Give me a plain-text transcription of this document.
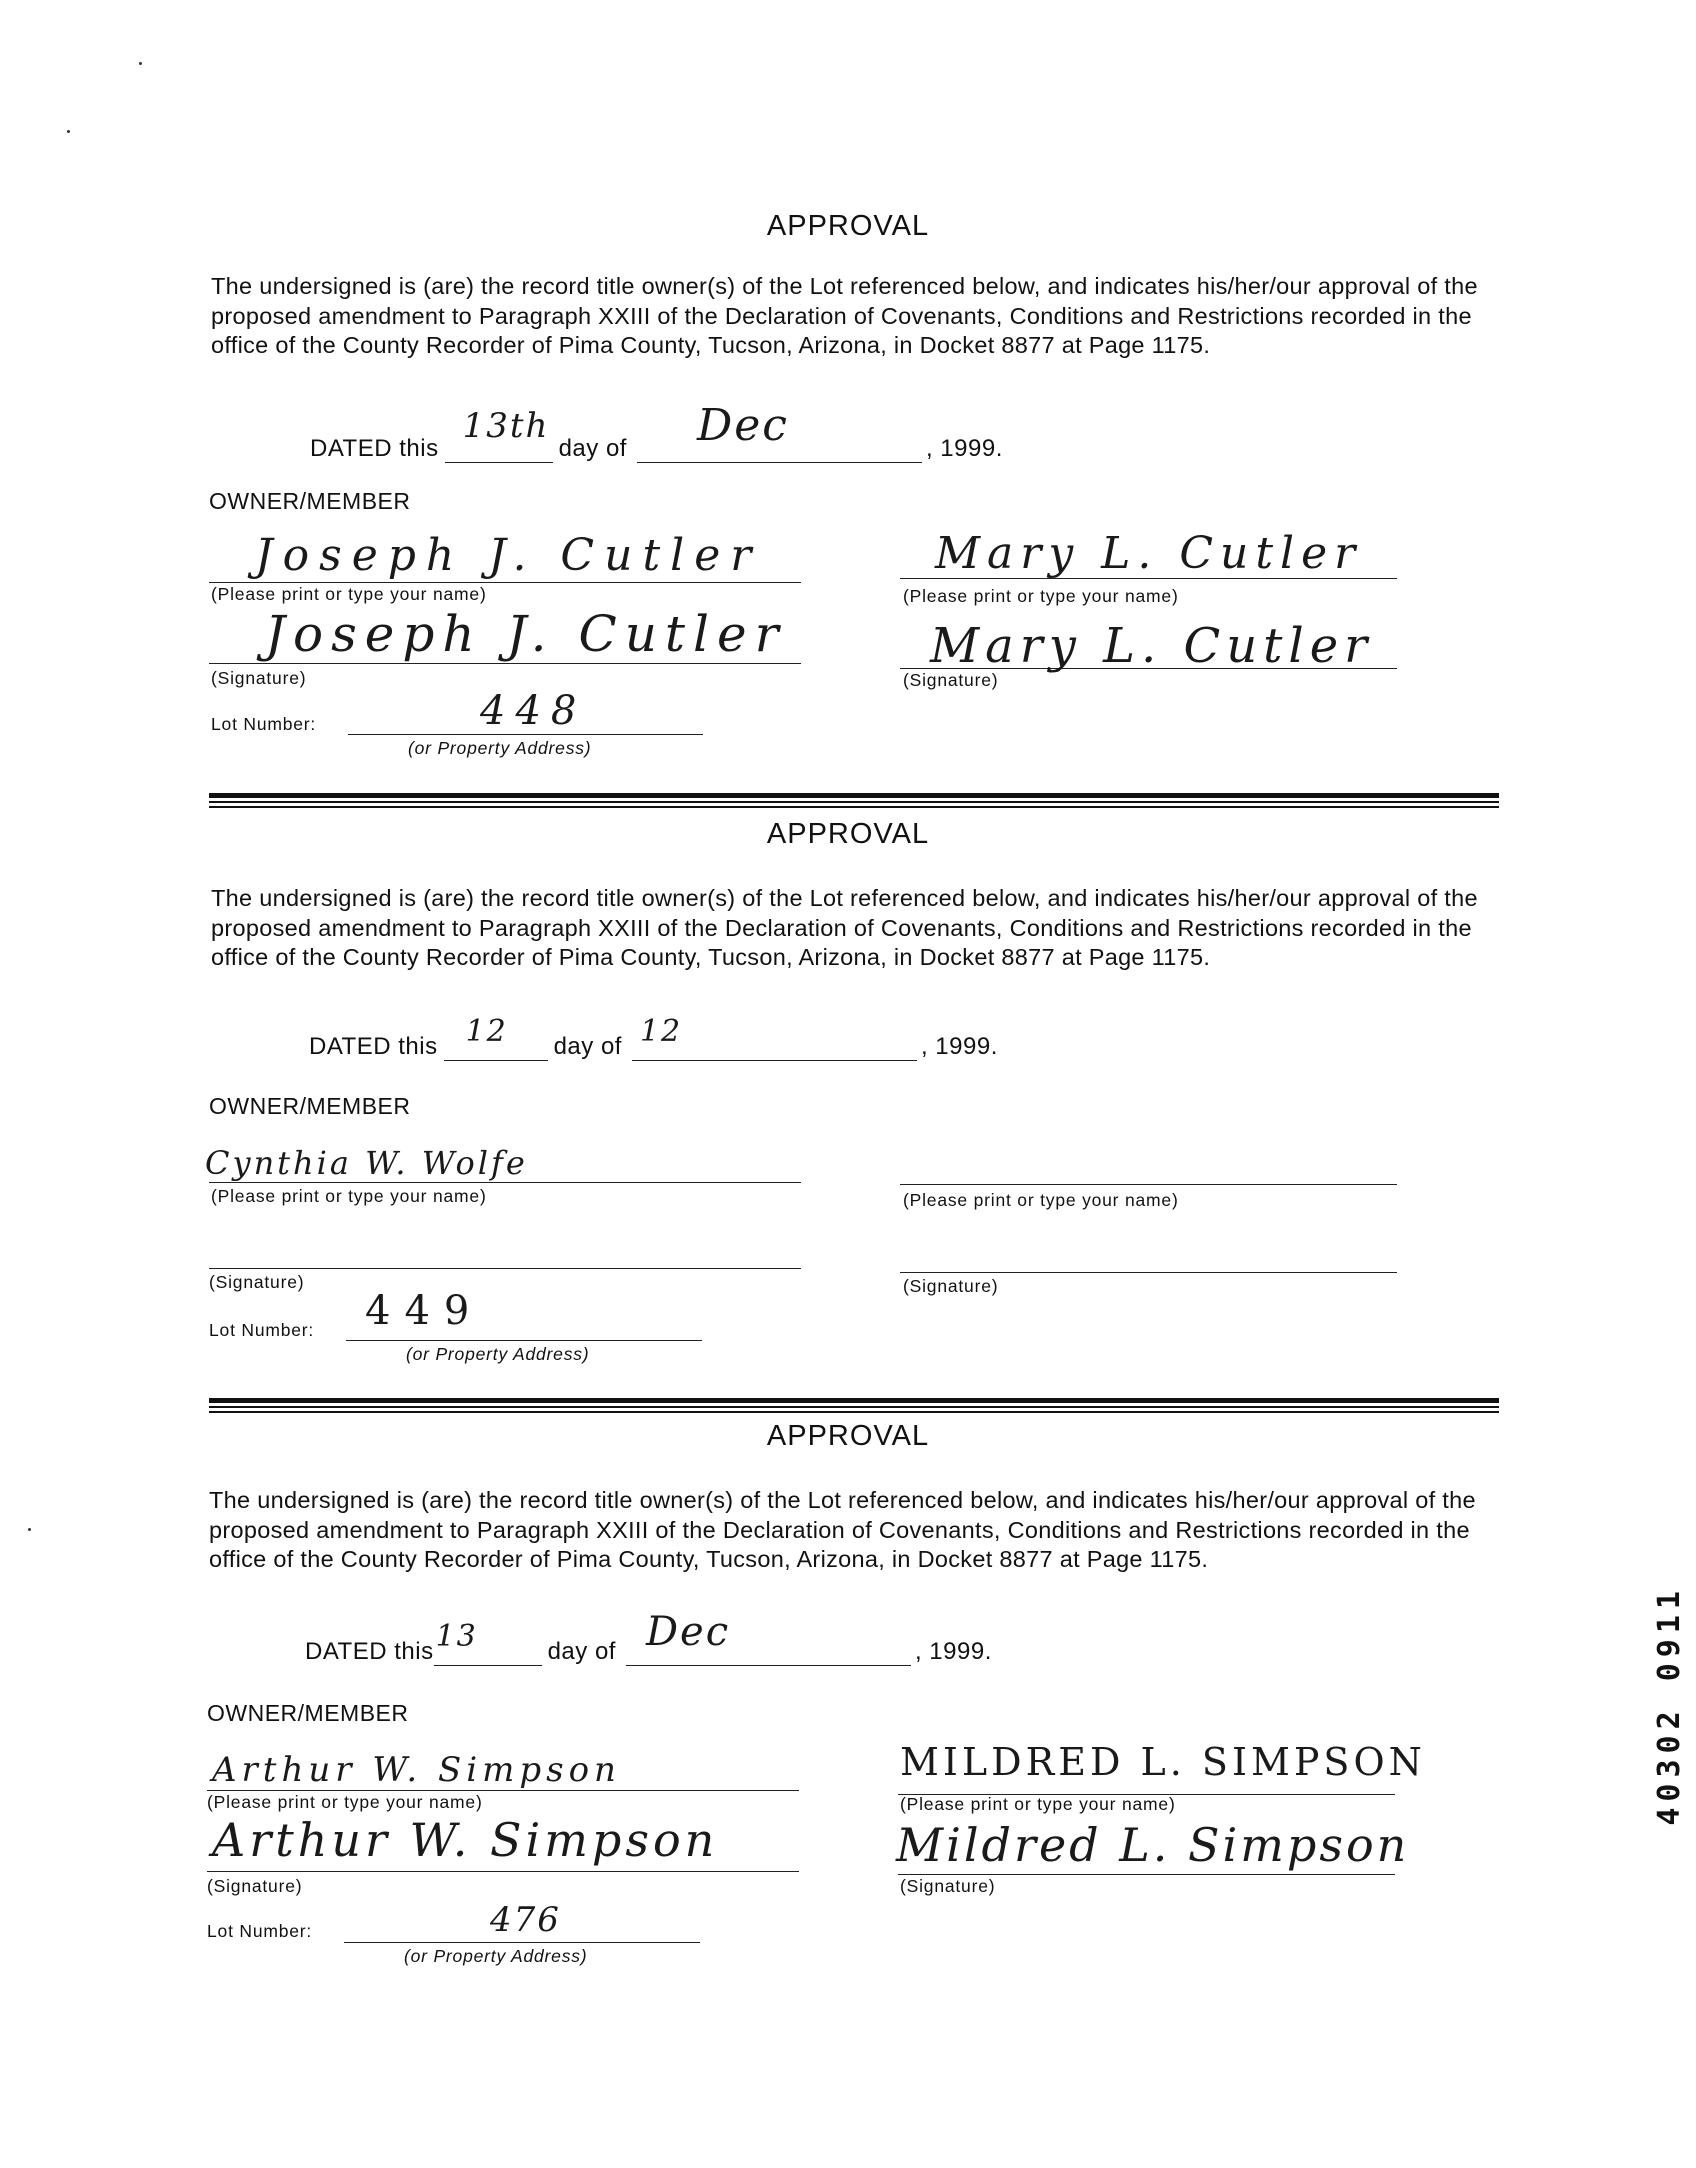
APPROVAL
The undersigned is (are) the record title owner(s) of the Lot referenced below, and indicates his/her/our approval of the proposed amendment to Paragraph XXIII of the Declaration of Covenants, Conditions and Restrictions recorded in the office of the County Recorder of Pima County, Tucson, Arizona, in Docket 8877 at Page 1175.
DATED this
13th
day of Dec	, 1999.
OWNER/MEMBER
Joseph J. Cutler
(Please print or type your name)
Mary L. Cutler
(Please print or type your name)
Joseph J. Cutler
(Signature)
Mary L. Cutler
(Signature)
Lot Number:	448
(or Property Address)
APPROVAL
The undersigned is (are) the record title owner(s) of the Lot referenced below, and indicates his/her/our approval of the proposed amendment to Paragraph XXIII of the Declaration of Covenants, Conditions and Restrictions recorded in the office of the County Recorder of Pima County, Tucson, Arizona, in Docket 8877 at Page 1175.
DATED this 12 day of 12	, 1999.
OWNER/MEMBER
Cynthia W. Wolfe
(Please print or type your name)	(Please print or type your name)
(Signature)	(Signature)
Lot Number: 449
(or Property Address)
APPROVAL
The undersigned is (are) the record title owner(s) of the Lot referenced below, and indicates his/her/our approval of the proposed amendment to Paragraph XXIII of the Declaration of Covenants, Conditions and Restrictions recorded in the office of the County Recorder of Pima County, Tucson, Arizona, in Docket 8877 at Page 1175.
DATED this 13	day of Dec	, 1999.
OWNER/MEMBER
Arthur W. Simpson
(Please print or type your name)
MILDRED L. SIMPSON
(Please print or type your name)
Arthur W. Simpson
(Signature)
Mildred L. Simpson
(Signature)
Lot Number:	476
(or Property Address)
40302 0911
